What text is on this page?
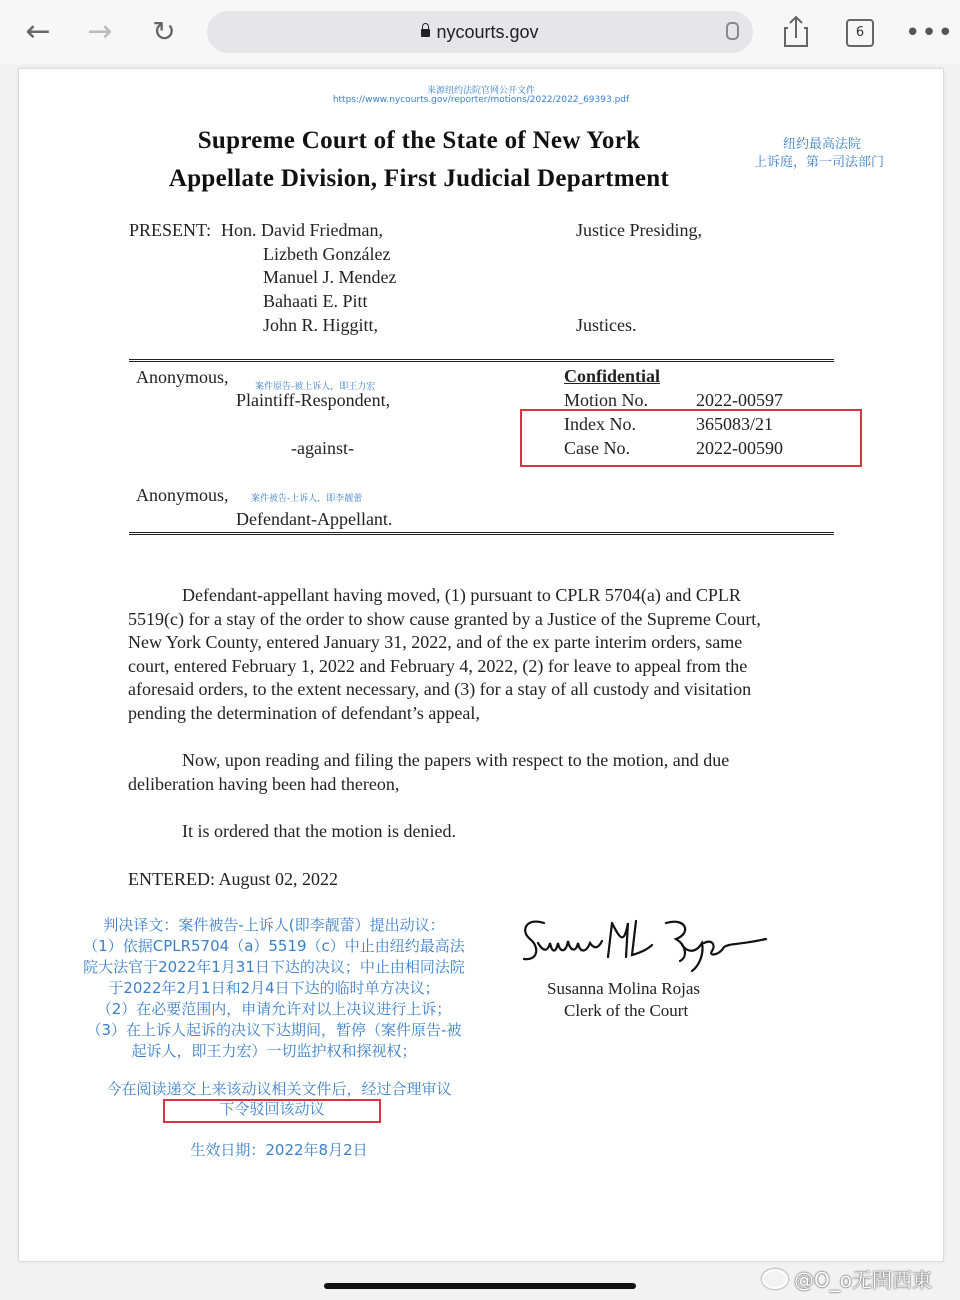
← → ↻	nycourts.gov	6	•••
来源纽约法院官网公开文件
https://www.nycourts.gov/reporter/motions/2022/2022_69393.pdf
Supreme Court of the State of New York
Appellate Division, First Judicial Department
纽约最高法院
上诉庭，第一司法部门
PRESENT: Hon. David Friedman,
Lizbeth González
Manuel J. Mendez
Bahaati E. Pitt
John R. Higgitt,
Justice Presiding,
Justices.
Anonymous,	案件原告-被上诉人，即王力宏
Plaintiff-Respondent,
-against-
Anonymous, 案件被告-上诉人，即李靓蕾
Defendant-Appellant.
Confidential
Motion No.	2022-00597
Index No.	365083/21
Case No.	2022-00590
Defendant-appellant having moved, (1) pursuant to CPLR 5704(a) and CPLR
5519(c) for a stay of the order to show cause granted by a Justice of the Supreme Court,
New York County, entered January 31, 2022, and of the ex parte interim orders, same
court, entered February 1, 2022 and February 4, 2022, (2) for leave to appeal from the
aforesaid orders, to the extent necessary, and (3) for a stay of all custody and visitation
pending the determination of defendant’s appeal,
Now, upon reading and filing the papers with respect to the motion, and due
deliberation having been had thereon,
It is ordered that the motion is denied.
ENTERED: August 02, 2022
判决译文：案件被告-上诉人(即李靓蕾）提出动议：
（1）依据CPLR5704（a）5519（c）中止由纽约最高法
院大法官于2022年1月31日下达的决议；中止由相同法院
于2022年2月1日和2月4日下达的临时单方决议；
（2）在必要范围内，申请允许对以上决议进行上诉；
（3）在上诉人起诉的决议下达期间，暂停（案件原告-被
起诉人，即王力宏）一切监护权和探视权；
今在阅读递交上来该动议相关文件后，经过合理审议
下令驳回该动议
生效日期：2022年8月2日
Susanna Molina Rojas
Clerk of the Court
@O_o无問西東
